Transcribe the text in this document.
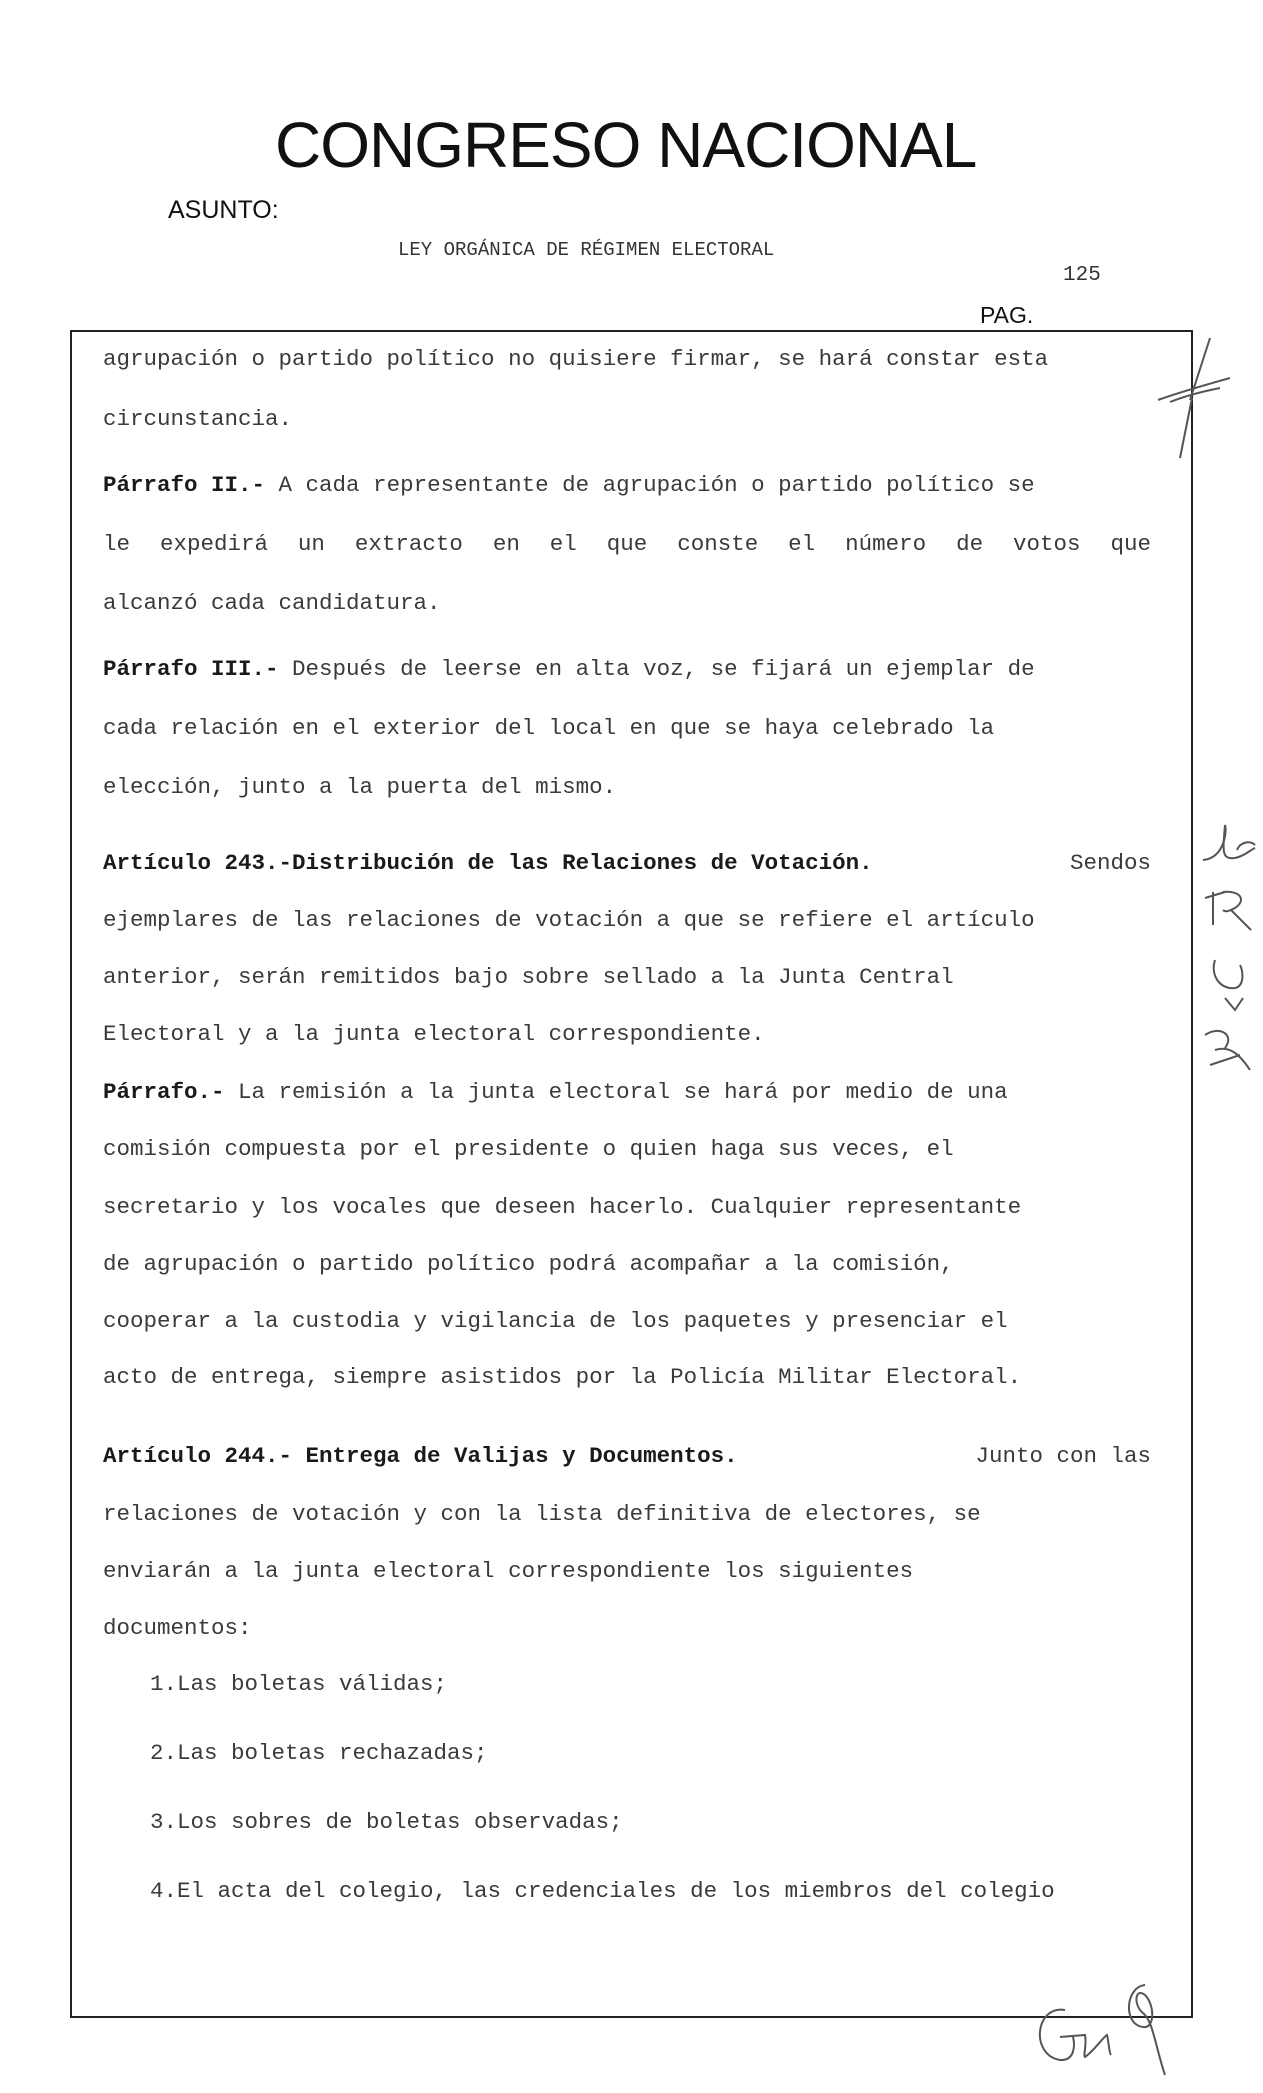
CONGRESO NACIONAL
ASUNTO:
LEY ORGÁNICA DE RÉGIMEN ELECTORAL
125
PAG.
agrupación o partido político no quisiere firmar, se hará constar esta
circunstancia.
Párrafo II.- A cada representante de agrupación o partido político se
le expedirá un extracto en el que conste el número de votos que
alcanzó cada candidatura.
Párrafo III.- Después de leerse en alta voz, se fijará un ejemplar de
cada relación en el exterior del local en que se haya celebrado la
elección, junto a la puerta del mismo.
Artículo 243.-Distribución de las Relaciones de Votación.	Sendos
ejemplares de las relaciones de votación a que se refiere el artículo
anterior, serán remitidos bajo sobre sellado a la Junta Central
Electoral y a la junta electoral correspondiente.
Párrafo.- La remisión a la junta electoral se hará por medio de una
comisión compuesta por el presidente o quien haga sus veces, el
secretario y los vocales que deseen hacerlo. Cualquier representante
de agrupación o partido político podrá acompañar a la comisión,
cooperar a la custodia y vigilancia de los paquetes y presenciar el
acto de entrega, siempre asistidos por la Policía Militar Electoral.
Artículo 244.- Entrega de Valijas y Documentos.	Junto con las
relaciones de votación y con la lista definitiva de electores, se
enviarán a la junta electoral correspondiente los siguientes
documentos:
1.Las boletas válidas;
2.Las boletas rechazadas;
3.Los sobres de boletas observadas;
4.El acta del colegio, las credenciales de los miembros del colegio
